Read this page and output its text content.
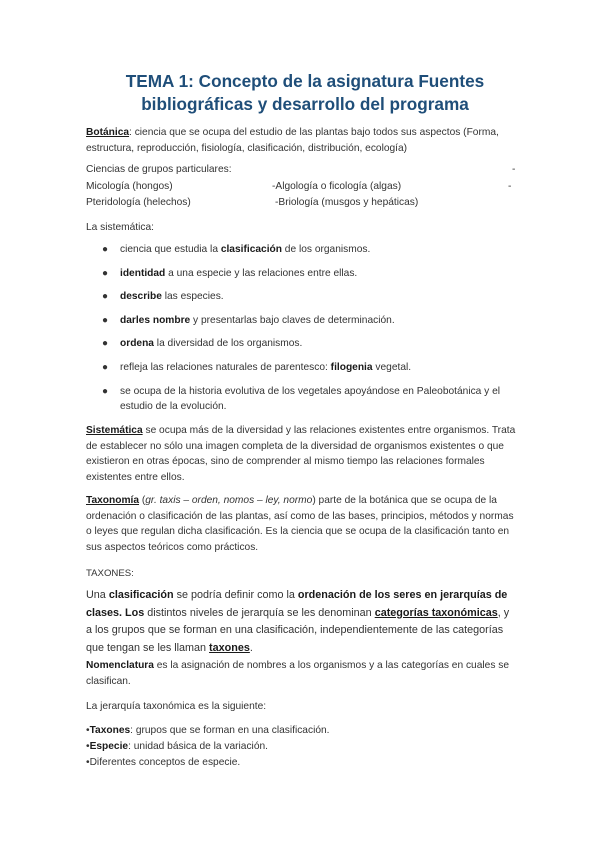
TEMA 1: Concepto de la asignatura Fuentes bibliográficas y desarrollo del programa
Botánica: ciencia que se ocupa del estudio de las plantas bajo todos sus aspectos (Forma, estructura, reproducción, fisiología, clasificación, distribución, ecología)
Ciencias de grupos particulares:	-
Micología (hongos)	-Algología o ficología (algas)	-
Pteridología (helechos)	-Briología (musgos y hepáticas)
La sistemática:
● ciencia que estudia la clasificación de los organismos.
● identidad a una especie y las relaciones entre ellas.
● describe las especies.
● darles nombre y presentarlas bajo claves de determinación.
● ordena la diversidad de los organismos.
● refleja las relaciones naturales de parentesco: filogenia vegetal.
● se ocupa de la historia evolutiva de los vegetales apoyándose en Paleobotánica y el estudio de la evolución.
Sistemática se ocupa más de la diversidad y las relaciones existentes entre organismos. Trata de establecer no sólo una imagen completa de la diversidad de organismos existentes o que existieron en otras épocas, sino de comprender al mismo tiempo las relaciones formales existentes entre ellos.
Taxonomía (gr. taxis – orden, nomos – ley, normo) parte de la botánica que se ocupa de la ordenación o clasificación de las plantas, así como de las bases, principios, métodos y normas o leyes que regulan dicha clasificación. Es la ciencia que se ocupa de la clasificación tanto en sus aspectos teóricos como prácticos.
TAXONES:
Una clasificación se podría definir como la ordenación de los seres en jerarquías de clases. Los distintos niveles de jerarquía se les denominan categorías taxonómicas, y a los grupos que se forman en una clasificación, independientemente de las categorías que tengan se les llaman taxones.
Nomenclatura es la asignación de nombres a los organismos y a las categorías en cuales se clasifican.
La jerarquía taxonómica es la siguiente:
•Taxones: grupos que se forman en una clasificación.
•Especie: unidad básica de la variación.
•Diferentes conceptos de especie.
